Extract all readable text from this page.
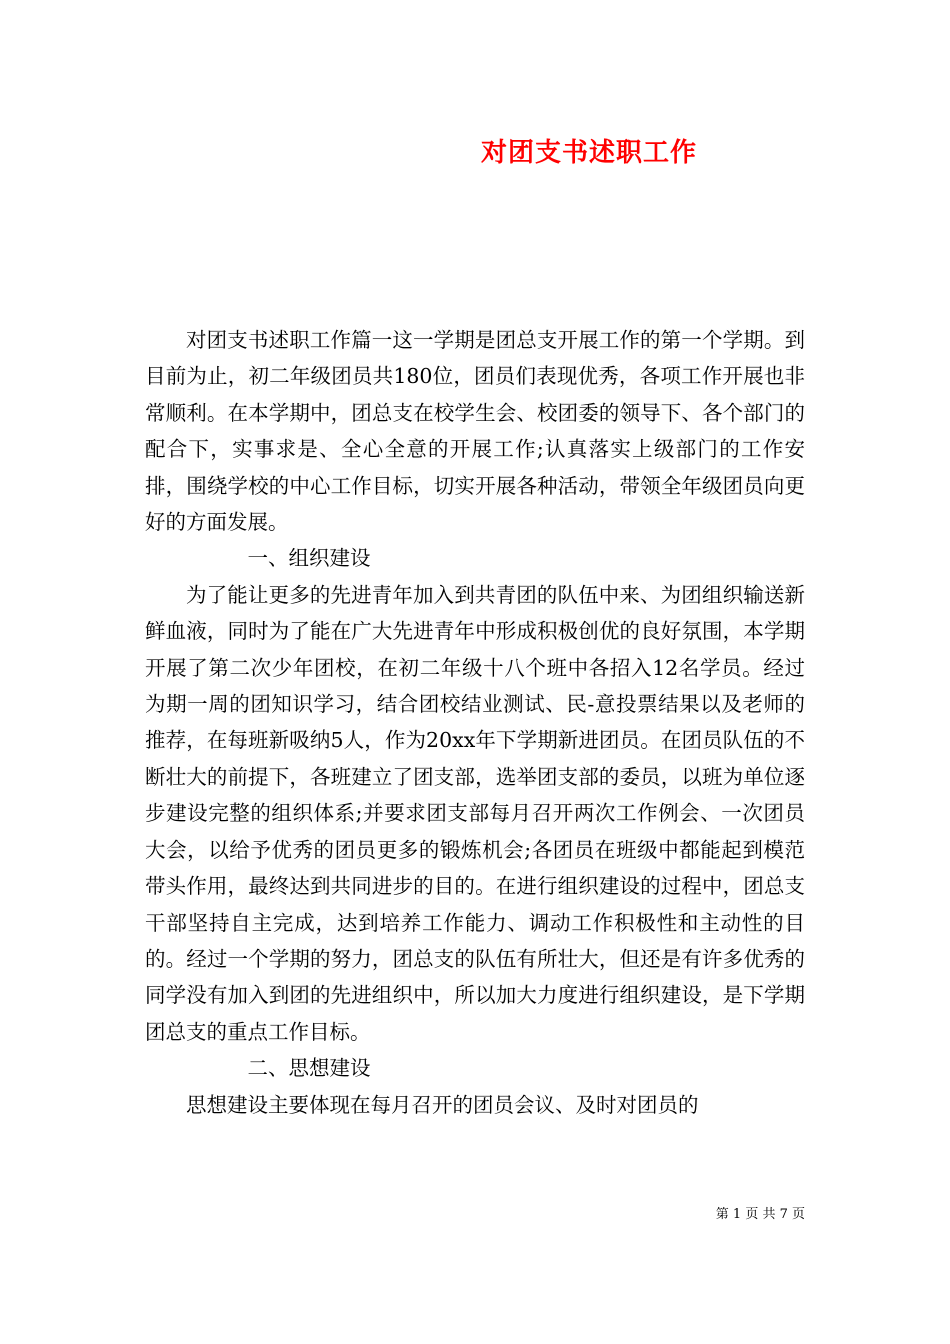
对团支书述职工作

对团支书述职工作篇一这一学期是团总支开展工作的第一个学期。到目前为止，初二年级团员共180位，团员们表现优秀，各项工作开展也非常顺利。在本学期中，团总支在校学生会、校团委的领导下、各个部门的配合下，实事求是、全心全意的开展工作;认真落实上级部门的工作安排，围绕学校的中心工作目标，切实开展各种活动，带领全年级团员向更好的方面发展。

一、组织建设

为了能让更多的先进青年加入到共青团的队伍中来、为团组织输送新鲜血液，同时为了能在广大先进青年中形成积极创优的良好氛围，本学期开展了第二次少年团校，在初二年级十八个班中各招入12名学员。经过为期一周的团知识学习，结合团校结业测试、民-意投票结果以及老师的推荐，在每班新吸纳5人，作为20xx年下学期新进团员。在团员队伍的不断壮大的前提下，各班建立了团支部，选举团支部的委员，以班为单位逐步建设完整的组织体系;并要求团支部每月召开两次工作例会、一次团员大会，以给予优秀的团员更多的锻炼机会;各团员在班级中都能起到模范带头作用，最终达到共同进步的目的。在进行组织建设的过程中，团总支干部坚持自主完成，达到培养工作能力、调动工作积极性和主动性的目的。经过一个学期的努力，团总支的队伍有所壮大，但还是有许多优秀的同学没有加入到团的先进组织中，所以加大力度进行组织建设，是下学期团总支的重点工作目标。

二、思想建设

思想建设主要体现在每月召开的团员会议、及时对团员的

第 1 页 共 7 页
